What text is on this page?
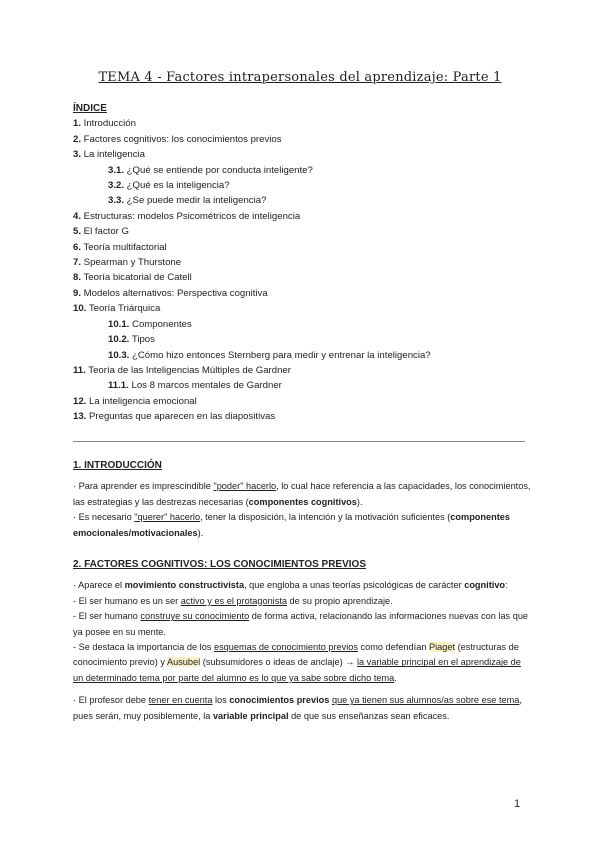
TEMA 4 - Factores intrapersonales del aprendizaje: Parte 1
ÍNDICE
1. Introducción
2. Factores cognitivos: los conocimientos previos
3. La inteligencia
3.1. ¿Qué se entiende por conducta inteligente?
3.2. ¿Qué es la inteligencia?
3.3. ¿Se puede medir la inteligencia?
4. Estructuras: modelos Psicométricos de inteligencia
5. El factor G
6. Teoría multifactorial
7. Spearman y Thurstone
8. Teoría bicatorial de Catell
9. Modelos alternativos: Perspectiva cognitiva
10. Teoría Triárquica
10.1. Componentes
10.2. Tipos
10.3. ¿Cómo hizo entonces Sternberg para medir y entrenar la inteligencia?
11. Teoría de las Inteligencias Múltiples de Gardner
11.1. Los 8 marcos mentales de Gardner
12. La inteligencia emocional
13. Preguntas que aparecen en las diapositivas
1. INTRODUCCIÓN

· Para aprender es imprescindible "poder" hacerlo, lo cual hace referencia a las capacidades, los conocimientos, las estrategias y las destrezas necesarias (componentes cognitivos).

· Es necesario "querer" hacerlo, tener la disposición, la intención y la motivación suficientes (componentes emocionales/motivacionales).

2. FACTORES COGNITIVOS: LOS CONOCIMIENTOS PREVIOS

· Aparece el movimiento constructivista, que engloba a unas teorías psicológicas de carácter cognitivo:

- El ser humano es un ser activo y es el protagonista de su propio aprendizaje.

- El ser humano construye su conocimiento de forma activa, relacionando las informaciones nuevas con las que ya posee en su mente.

- Se destaca la importancia de los esquemas de conocimiento previos como defendían Piaget (estructuras de conocimiento previo) y Ausubel (subsumidores o ideas de anclaje) → la variable principal en el aprendizaje de un determinado tema por parte del alumno es lo que ya sabe sobre dicho tema.

· El profesor debe tener en cuenta los conocimientos previos que ya tienen sus alumnos/as sobre ese tema, pues serán, muy posiblemente, la variable principal de que sus enseñanzas sean eficaces.

1
